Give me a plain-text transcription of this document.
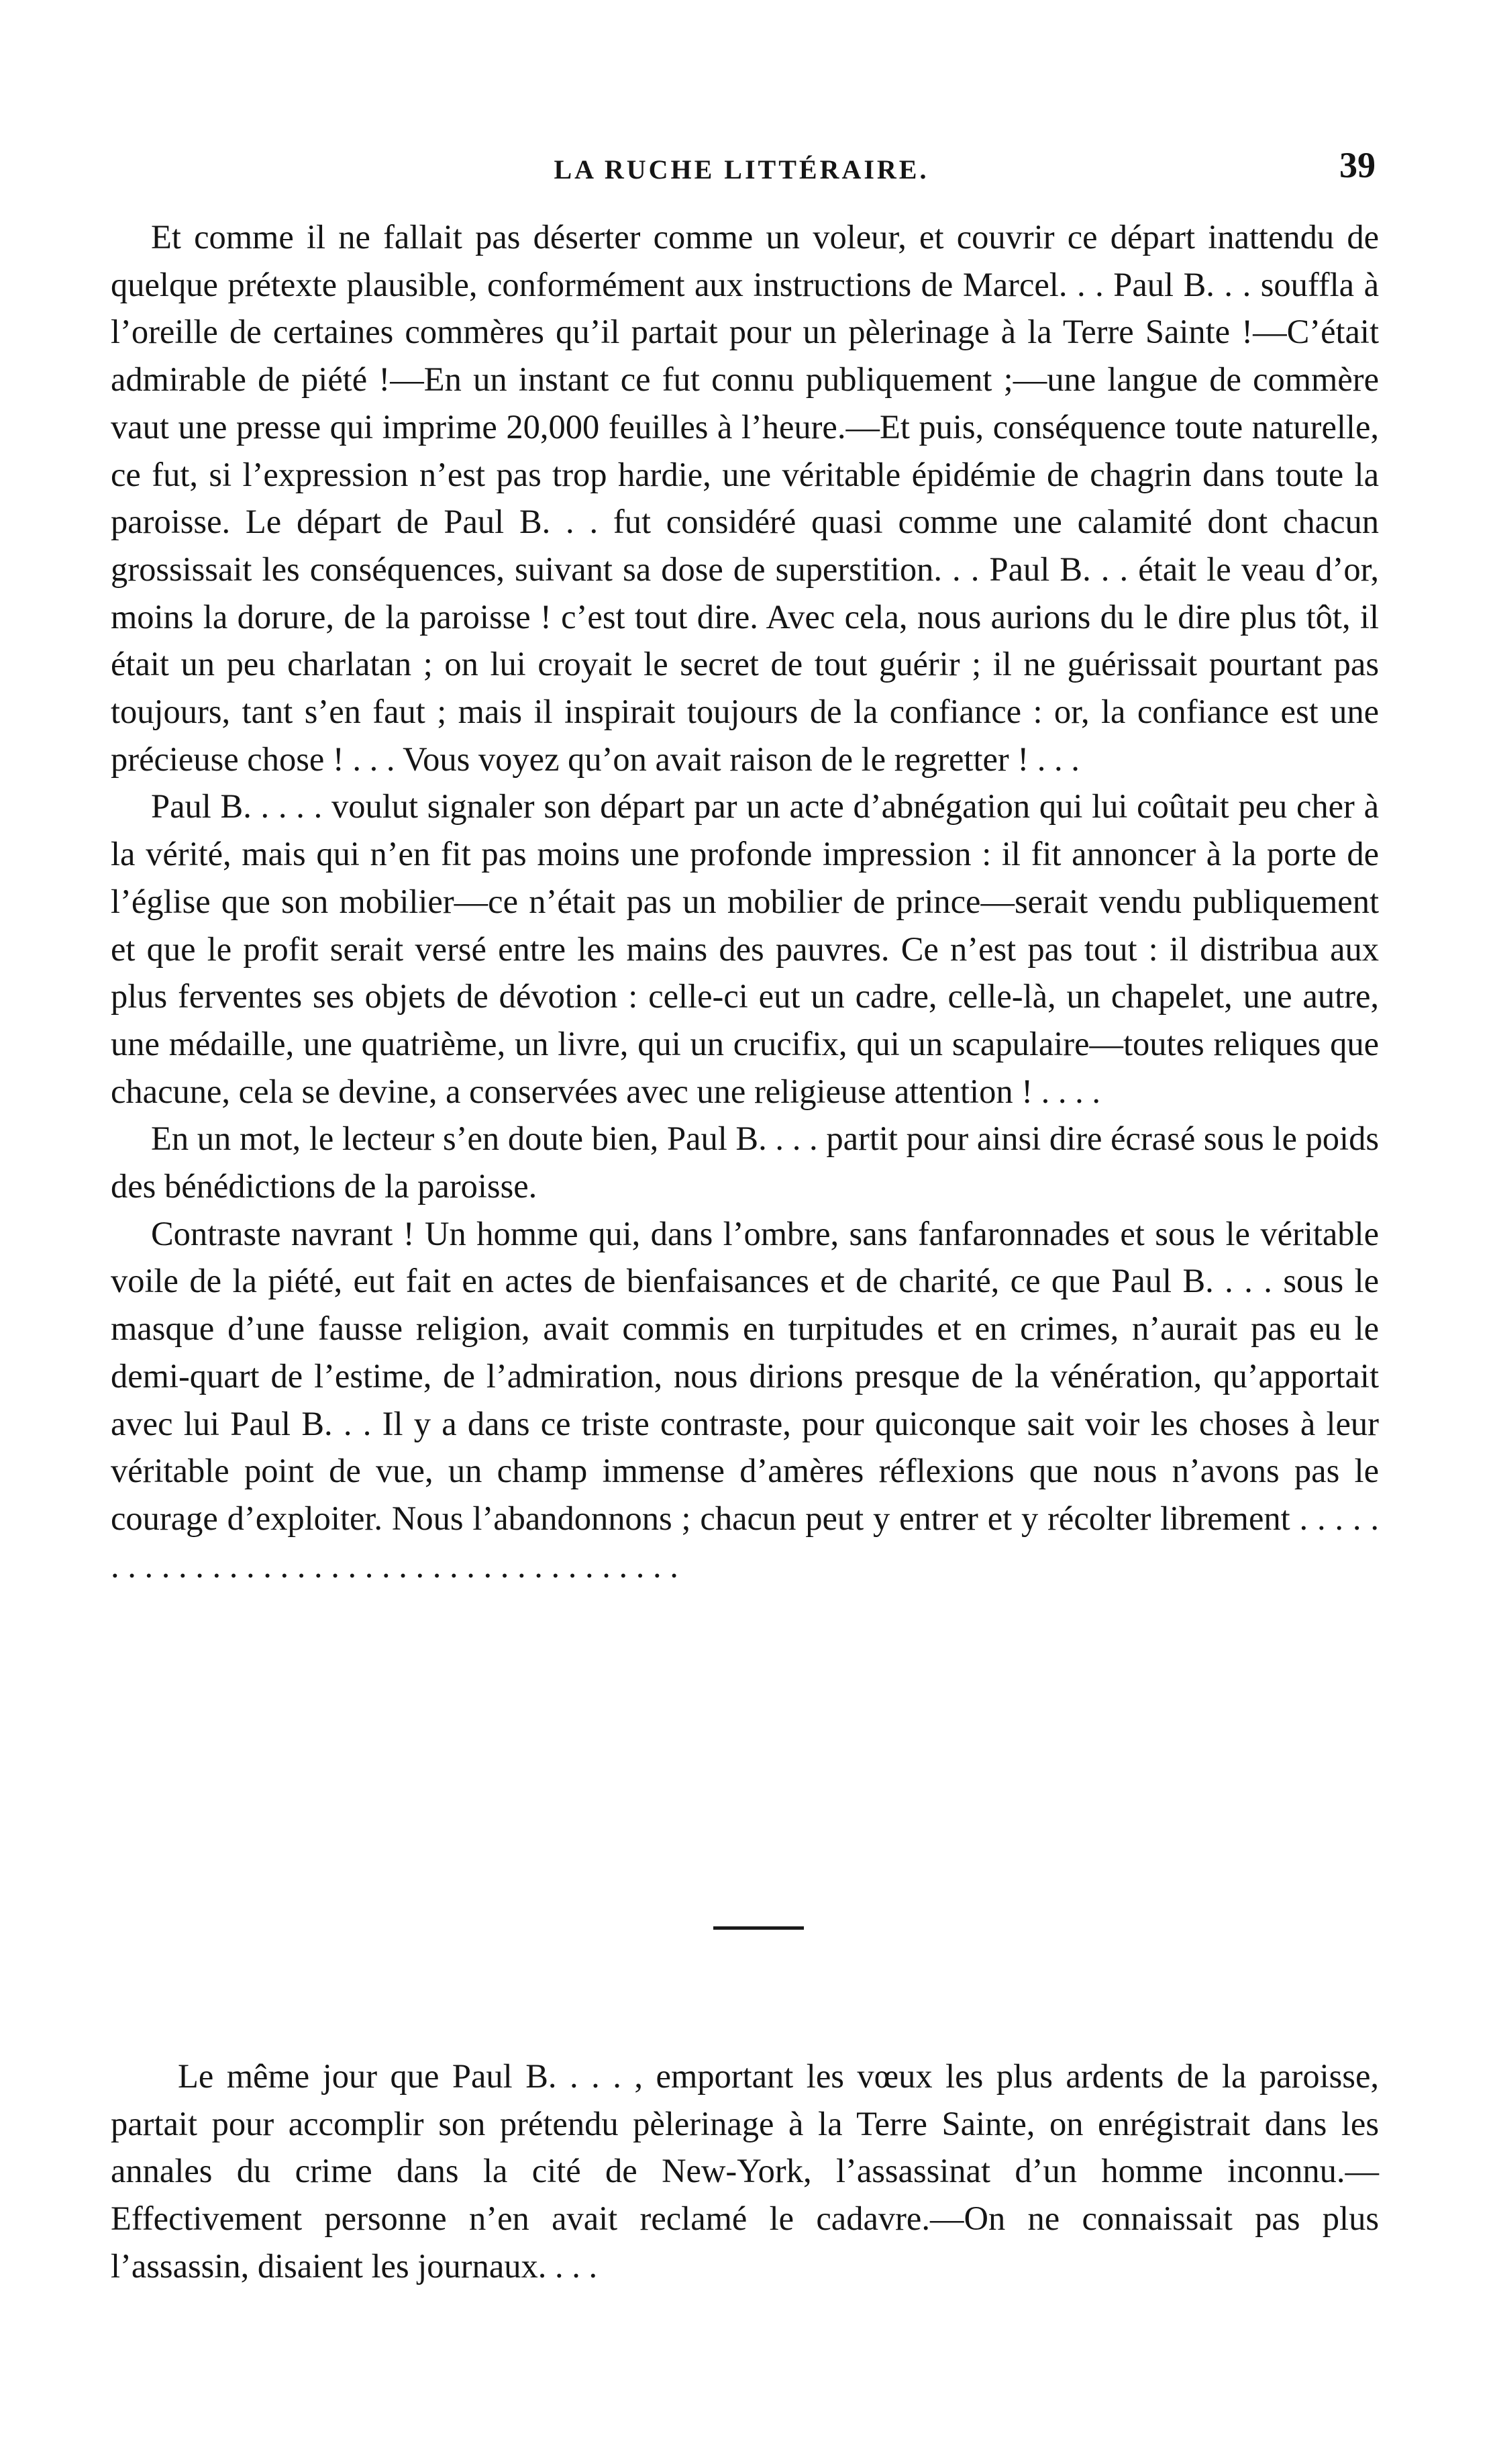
LA RUCHE LITTÉRAIRE.	39

Et comme il ne fallait pas déserter comme un voleur, et couvrir ce départ inattendu de quelque prétexte plausible, conformément aux instructions de Marcel. . . Paul B. . . souffla à l’oreille de certaines commères qu’il partait pour un pèlerinage à la Terre Sainte !—C’était admirable de piété !—En un instant ce fut connu publiquement ;—une langue de commère vaut une presse qui imprime 20,000 feuilles à l’heure.—Et puis, conséquence toute naturelle, ce fut, si l’expression n’est pas trop hardie, une véritable épidémie de chagrin dans toute la paroisse. Le départ de Paul B. . . fut considéré quasi comme une calamité dont chacun grossissait les conséquences, suivant sa dose de superstition. . . Paul B. . . était le veau d’or, moins la dorure, de la paroisse ! c’est tout dire. Avec cela, nous aurions du le dire plus tôt, il était un peu charlatan ; on lui croyait le secret de tout guérir ; il ne guérissait pourtant pas toujours, tant s’en faut ; mais il inspirait toujours de la confiance : or, la confiance est une précieuse chose ! . . . Vous voyez qu’on avait raison de le regretter ! . . .

Paul B. . . . . voulut signaler son départ par un acte d’abnégation qui lui coûtait peu cher à la vérité, mais qui n’en fit pas moins une profonde impression : il fit annoncer à la porte de l’église que son mobilier—ce n’était pas un mobilier de prince—serait vendu publiquement et que le profit serait versé entre les mains des pauvres. Ce n’est pas tout : il distribua aux plus ferventes ses objets de dévotion : celle-ci eut un cadre, celle-là, un chapelet, une autre, une médaille, une quatrième, un livre, qui un crucifix, qui un scapulaire—toutes reliques que chacune, cela se devine, a conservées avec une religieuse attention ! . . . .

En un mot, le lecteur s’en doute bien, Paul B. . . . partit pour ainsi dire écrasé sous le poids des bénédictions de la paroisse.

Contraste navrant ! Un homme qui, dans l’ombre, sans fanfaronnades et sous le véritable voile de la piété, eut fait en actes de bienfaisances et de charité, ce que Paul B. . . . sous le masque d’une fausse religion, avait commis en turpitudes et en crimes, n’aurait pas eu le demi-quart de l’estime, de l’admiration, nous dirions presque de la vénération, qu’apportait avec lui Paul B. . . Il y a dans ce triste contraste, pour quiconque sait voir les choses à leur véritable point de vue, un champ immense d’amères réflexions que nous n’avons pas le courage d’exploiter. Nous l’abandonnons ; chacun peut y entrer et y récolter librement . . . . . . . . . . . . . . . . . . . . . . . . . . . . . . . . . . . . . . .

Le même jour que Paul B. . . . , emportant les vœux les plus ardents de la paroisse, partait pour accomplir son prétendu pèlerinage à la Terre Sainte, on enrégistrait dans les annales du crime dans la cité de New-York, l’assassinat d’un homme inconnu.—Effectivement personne n’en avait reclamé le cadavre.—On ne connaissait pas plus l’assassin, disaient les journaux. . . .
